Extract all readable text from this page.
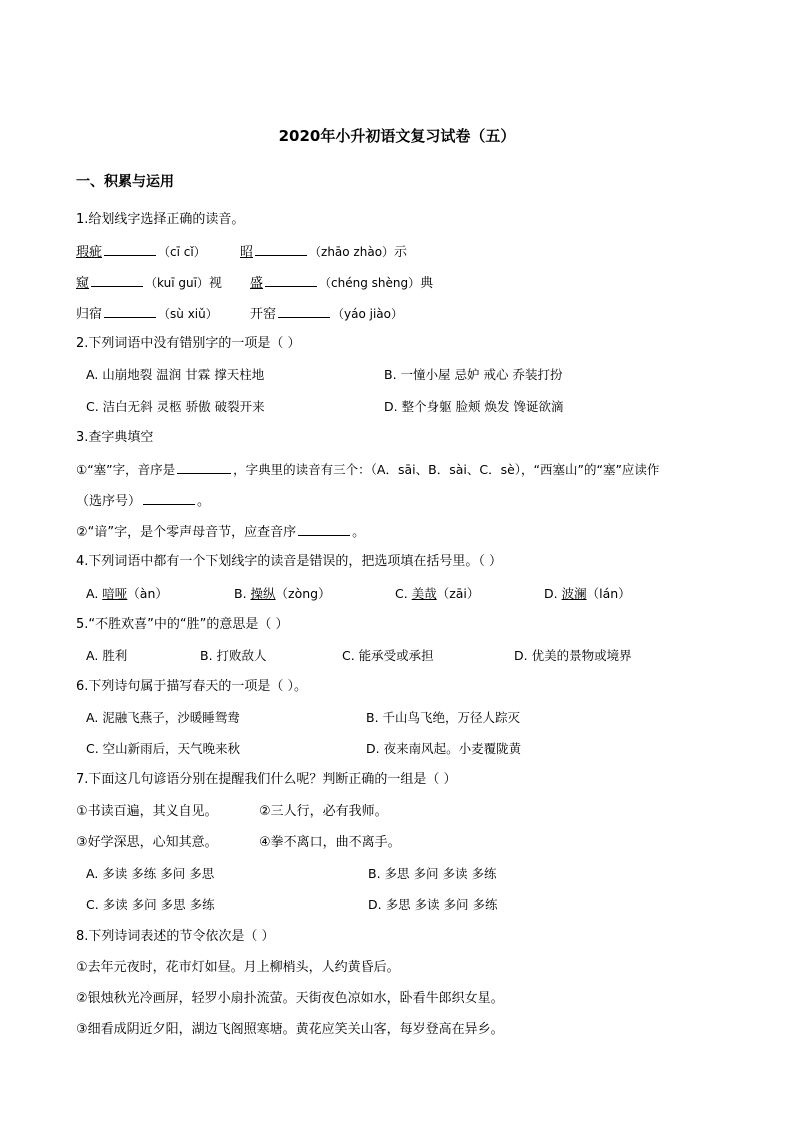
2020年小升初语文复习试卷（五）
一、积累与运用
1.给划线字选择正确的读音。
瑕疵	（cī cǐ）	昭	（zhāo zhào）示
窥	（kuī guī）视 盛	（chéng shèng）典
归宿	（sù xiǔ） 开窑	（yáo jiào）
2.下列词语中没有错别字的一项是（ ）
A. 山崩地裂 温润 甘霖 撑天柱地	B. 一憧小屋 忌妒 戒心 乔装打扮
C. 洁白无斜 灵柩 骄傲 破裂开来	D. 整个身躯 脸颊 焕发 馋诞欲滴
3.查字典填空
①“塞”字，音序是	，字典里的读音有三个：（A．sāi、B．sài、C．sè），“西塞山”的“塞”应读作
（选序号）	。
②“谙”字，是个零声母音节，应查音序	。
4.下列词语中都有一个下划线字的读音是错误的，把选项填在括号里。（ ）
A. 喑哑（àn）	B. 操纵（zòng）	C. 美哉（zāi）	D. 波澜（lán）
5.“不胜欢喜”中的“胜”的意思是（ ）
A. 胜利	B. 打败敌人	C. 能承受或承担	D. 优美的景物或境界
6.下列诗句属于描写春天的一项是（ ）。
A. 泥融飞燕子，沙暖睡鸳鸯	B. 千山鸟飞绝，万径人踪灭
C. 空山新雨后，天气晚来秋	D. 夜来南风起。小麦覆陇黄
7.下面这几句谚语分别在提醒我们什么呢？判断正确的一组是（ ）
①书读百遍，其义自见。	②三人行，必有我师。
③好学深思，心知其意。	④拳不离口，曲不离手。
A. 多读 多练 多问 多思	B. 多思 多问 多读 多练
C. 多读 多问 多思 多练	D. 多思 多读 多问 多练
8.下列诗词表述的节令依次是（ ）
①去年元夜时，花市灯如昼。月上柳梢头，人约黄昏后。
②银烛秋光冷画屏，轻罗小扇扑流萤。天街夜色凉如水，卧看牛郎织女星。
③细看成阴近夕阳，湖边飞阁照寒塘。黄花应笑关山客，每岁登高在异乡。
